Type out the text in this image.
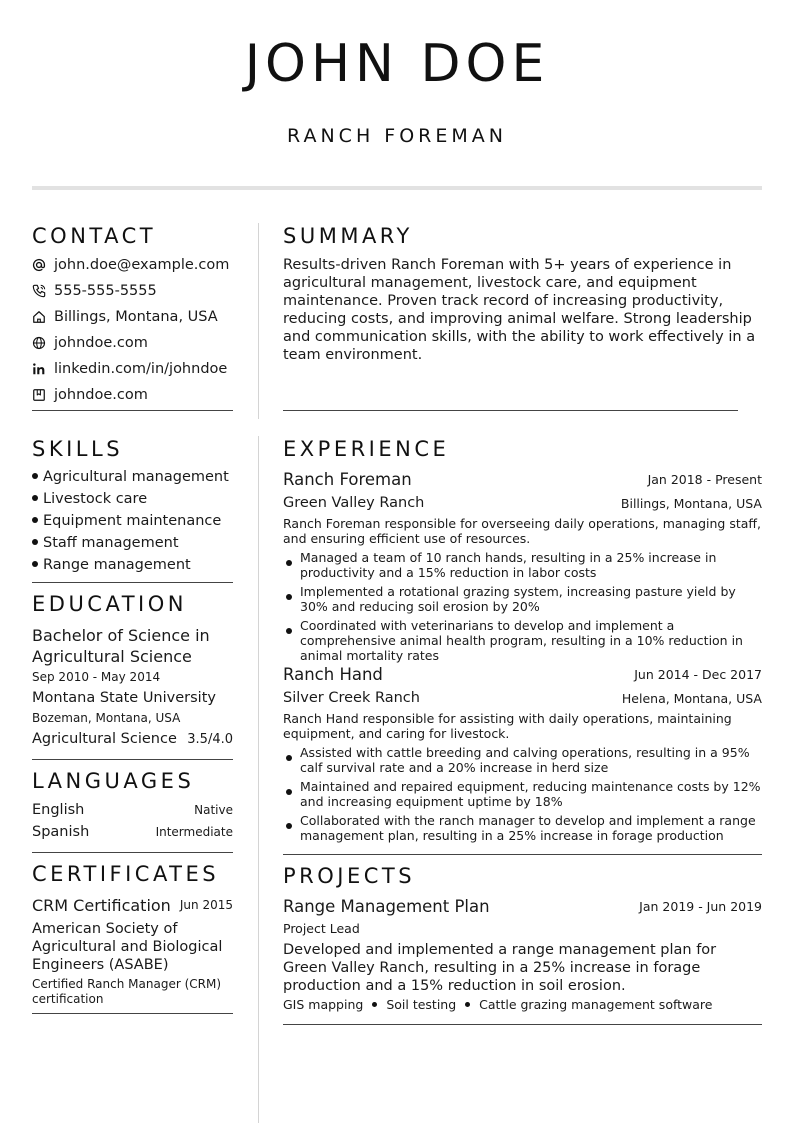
JOHN DOE
RANCH FOREMAN
CONTACT
john.doe@example.com
555-555-5555
Billings, Montana, USA
johndoe.com
linkedin.com/in/johndoe
johndoe.com
SUMMARY
Results-driven Ranch Foreman with 5+ years of experience in agricultural management, livestock care, and equipment maintenance. Proven track record of increasing productivity, reducing costs, and improving animal welfare. Strong leadership and communication skills, with the ability to work effectively in a team environment.
SKILLS
Agricultural management
Livestock care
Equipment maintenance
Staff management
Range management
EDUCATION
Bachelor of Science in Agricultural Science
Sep 2010 - May 2014
Montana State University
Bozeman, Montana, USA
Agricultural Science 3.5/4.0
LANGUAGES
English	Native
Spanish	Intermediate
CERTIFICATES
CRM Certification Jun 2015
American Society of Agricultural and Biological Engineers (ASABE)
Certified Ranch Manager (CRM) certification
EXPERIENCE
Ranch Foreman	Jan 2018 - Present
Green Valley Ranch	Billings, Montana, USA
Ranch Foreman responsible for overseeing daily operations, managing staff, and ensuring efficient use of resources.
Managed a team of 10 ranch hands, resulting in a 25% increase in productivity and a 15% reduction in labor costs
Implemented a rotational grazing system, increasing pasture yield by 30% and reducing soil erosion by 20%
Coordinated with veterinarians to develop and implement a comprehensive animal health program, resulting in a 10% reduction in animal mortality rates
Ranch Hand	Jun 2014 - Dec 2017
Silver Creek Ranch	Helena, Montana, USA
Ranch Hand responsible for assisting with daily operations, maintaining equipment, and caring for livestock.
Assisted with cattle breeding and calving operations, resulting in a 95% calf survival rate and a 20% increase in herd size
Maintained and repaired equipment, reducing maintenance costs by 12% and increasing equipment uptime by 18%
Collaborated with the ranch manager to develop and implement a range management plan, resulting in a 25% increase in forage production
PROJECTS
Range Management Plan	Jan 2019 - Jun 2019
Project Lead
Developed and implemented a range management plan for Green Valley Ranch, resulting in a 25% increase in forage production and a 15% reduction in soil erosion.
GIS mapping Soil testing Cattle grazing management software
